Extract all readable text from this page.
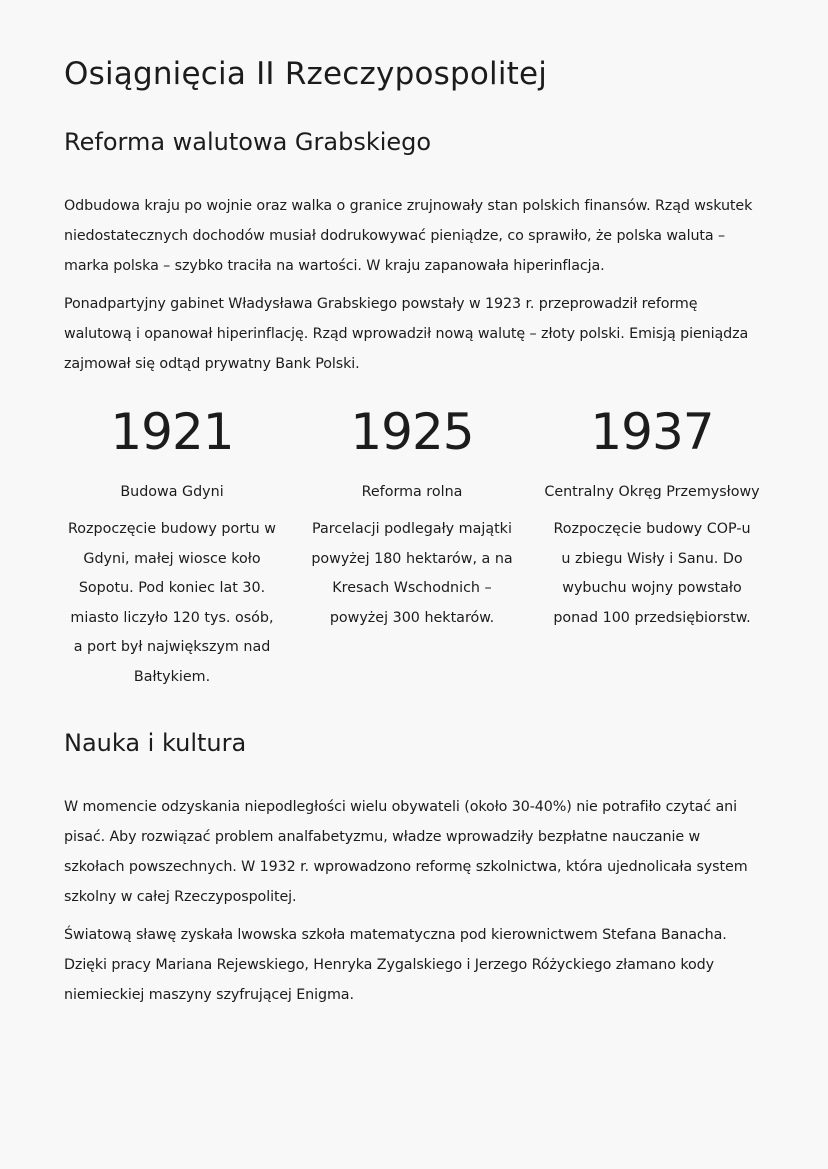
Osiągnięcia II Rzeczypospolitej
Reforma walutowa Grabskiego

Odbudowa kraju po wojnie oraz walka o granice zrujnowały stan polskich finansów. Rząd wskutek niedostatecznych dochodów musiał dodrukowywać pieniądze, co sprawiło, że polska waluta – marka polska – szybko traciła na wartości. W kraju zapanowała hiperinflacja.

Ponadpartyjny gabinet Władysława Grabskiego powstały w 1923 r. przeprowadził reformę walutową i opanował hiperinflację. Rząd wprowadził nową walutę – złoty polski. Emisją pieniądza zajmował się odtąd prywatny Bank Polski.

1921
Budowa Gdyni
Rozpoczęcie budowy portu w Gdyni, małej wiosce koło Sopotu. Pod koniec lat 30. miasto liczyło 120 tys. osób, a port był największym nad Bałtykiem.
1925
Reforma rolna
Parcelacji podlegały majątki powyżej 180 hektarów, a na Kresach Wschodnich – powyżej 300 hektarów.
1937
Centralny Okręg Przemysłowy
Rozpoczęcie budowy COP-u u zbiegu Wisły i Sanu. Do wybuchu wojny powstało ponad 100 przedsiębiorstw.
Nauka i kultura

W momencie odzyskania niepodległości wielu obywateli (około 30-40%) nie potrafiło czytać ani pisać. Aby rozwiązać problem analfabetyzmu, władze wprowadziły bezpłatne nauczanie w szkołach powszechnych. W 1932 r. wprowadzono reformę szkolnictwa, która ujednolicała system szkolny w całej Rzeczypospolitej.

Światową sławę zyskała lwowska szkoła matematyczna pod kierownictwem Stefana Banacha. Dzięki pracy Mariana Rejewskiego, Henryka Zygalskiego i Jerzego Różyckiego złamano kody niemieckiej maszyny szyfrującej Enigma.
